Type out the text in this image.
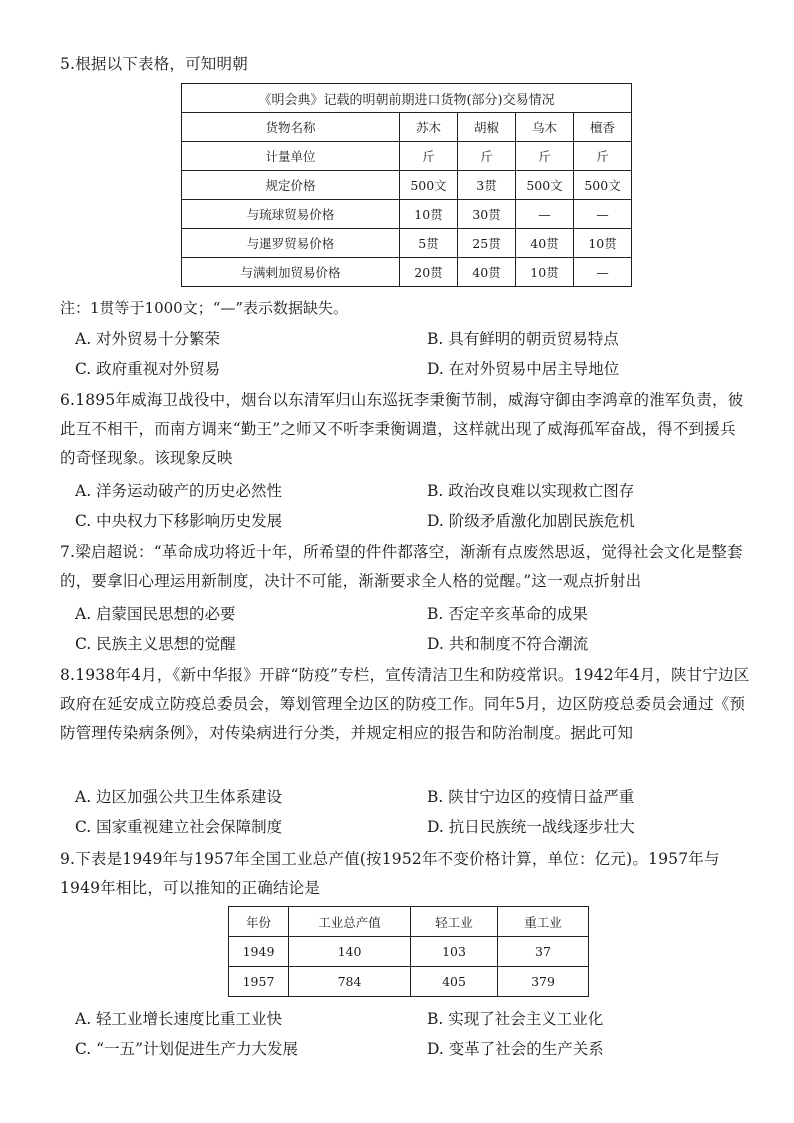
5.根据以下表格，可知明朝
《明会典》记载的明朝前期进口货物(部分)交易情况				
货物名称	苏木	胡椒	乌木	檀香
计量单位	斤	斤	斤	斤
规定价格	500文	3贯	500文	500文
与琉球贸易价格	10贯	30贯	—	—
与暹罗贸易价格	5贯	25贯	40贯	10贯
与满剌加贸易价格	20贯	40贯	10贯	—
注：1贯等于1000文；“—”表示数据缺失。
A. 对外贸易十分繁荣	B. 具有鲜明的朝贡贸易特点
C. 政府重视对外贸易	D. 在对外贸易中居主导地位
6.1895年威海卫战役中，烟台以东清军归山东巡抚李秉衡节制，威海守御由李鸿章的淮军负责，彼此互不相干，而南方调来“勤王”之师又不听李秉衡调遣，这样就出现了威海孤军奋战，得不到援兵的奇怪现象。该现象反映
A. 洋务运动破产的历史必然性	B. 政治改良难以实现救亡图存
C. 中央权力下移影响历史发展	D. 阶级矛盾激化加剧民族危机
7.梁启超说：“革命成功将近十年，所希望的件件都落空，渐渐有点废然思返，觉得社会文化是整套的，要拿旧心理运用新制度，决计不可能，渐渐要求全人格的觉醒。”这一观点折射出
A. 启蒙国民思想的必要	B. 否定辛亥革命的成果
C. 民族主义思想的觉醒	D. 共和制度不符合潮流
8.1938年4月，《新中华报》开辟“防疫”专栏，宣传清洁卫生和防疫常识。1942年4月，陕甘宁边区政府在延安成立防疫总委员会，筹划管理全边区的防疫工作。同年5月，边区防疫总委员会通过《预防管理传染病条例》，对传染病进行分类，并规定相应的报告和防治制度。据此可知
A. 边区加强公共卫生体系建设	B. 陕甘宁边区的疫情日益严重
C. 国家重视建立社会保障制度	D. 抗日民族统一战线逐步壮大
9.下表是1949年与1957年全国工业总产值(按1952年不变价格计算，单位：亿元)。1957年与1949年相比，可以推知的正确结论是
年份	工业总产值	轻工业	重工业
1949	140	103	37
1957	784	405	379
A. 轻工业增长速度比重工业快	B. 实现了社会主义工业化
C. “一五”计划促进生产力大发展	D. 变革了社会的生产关系
